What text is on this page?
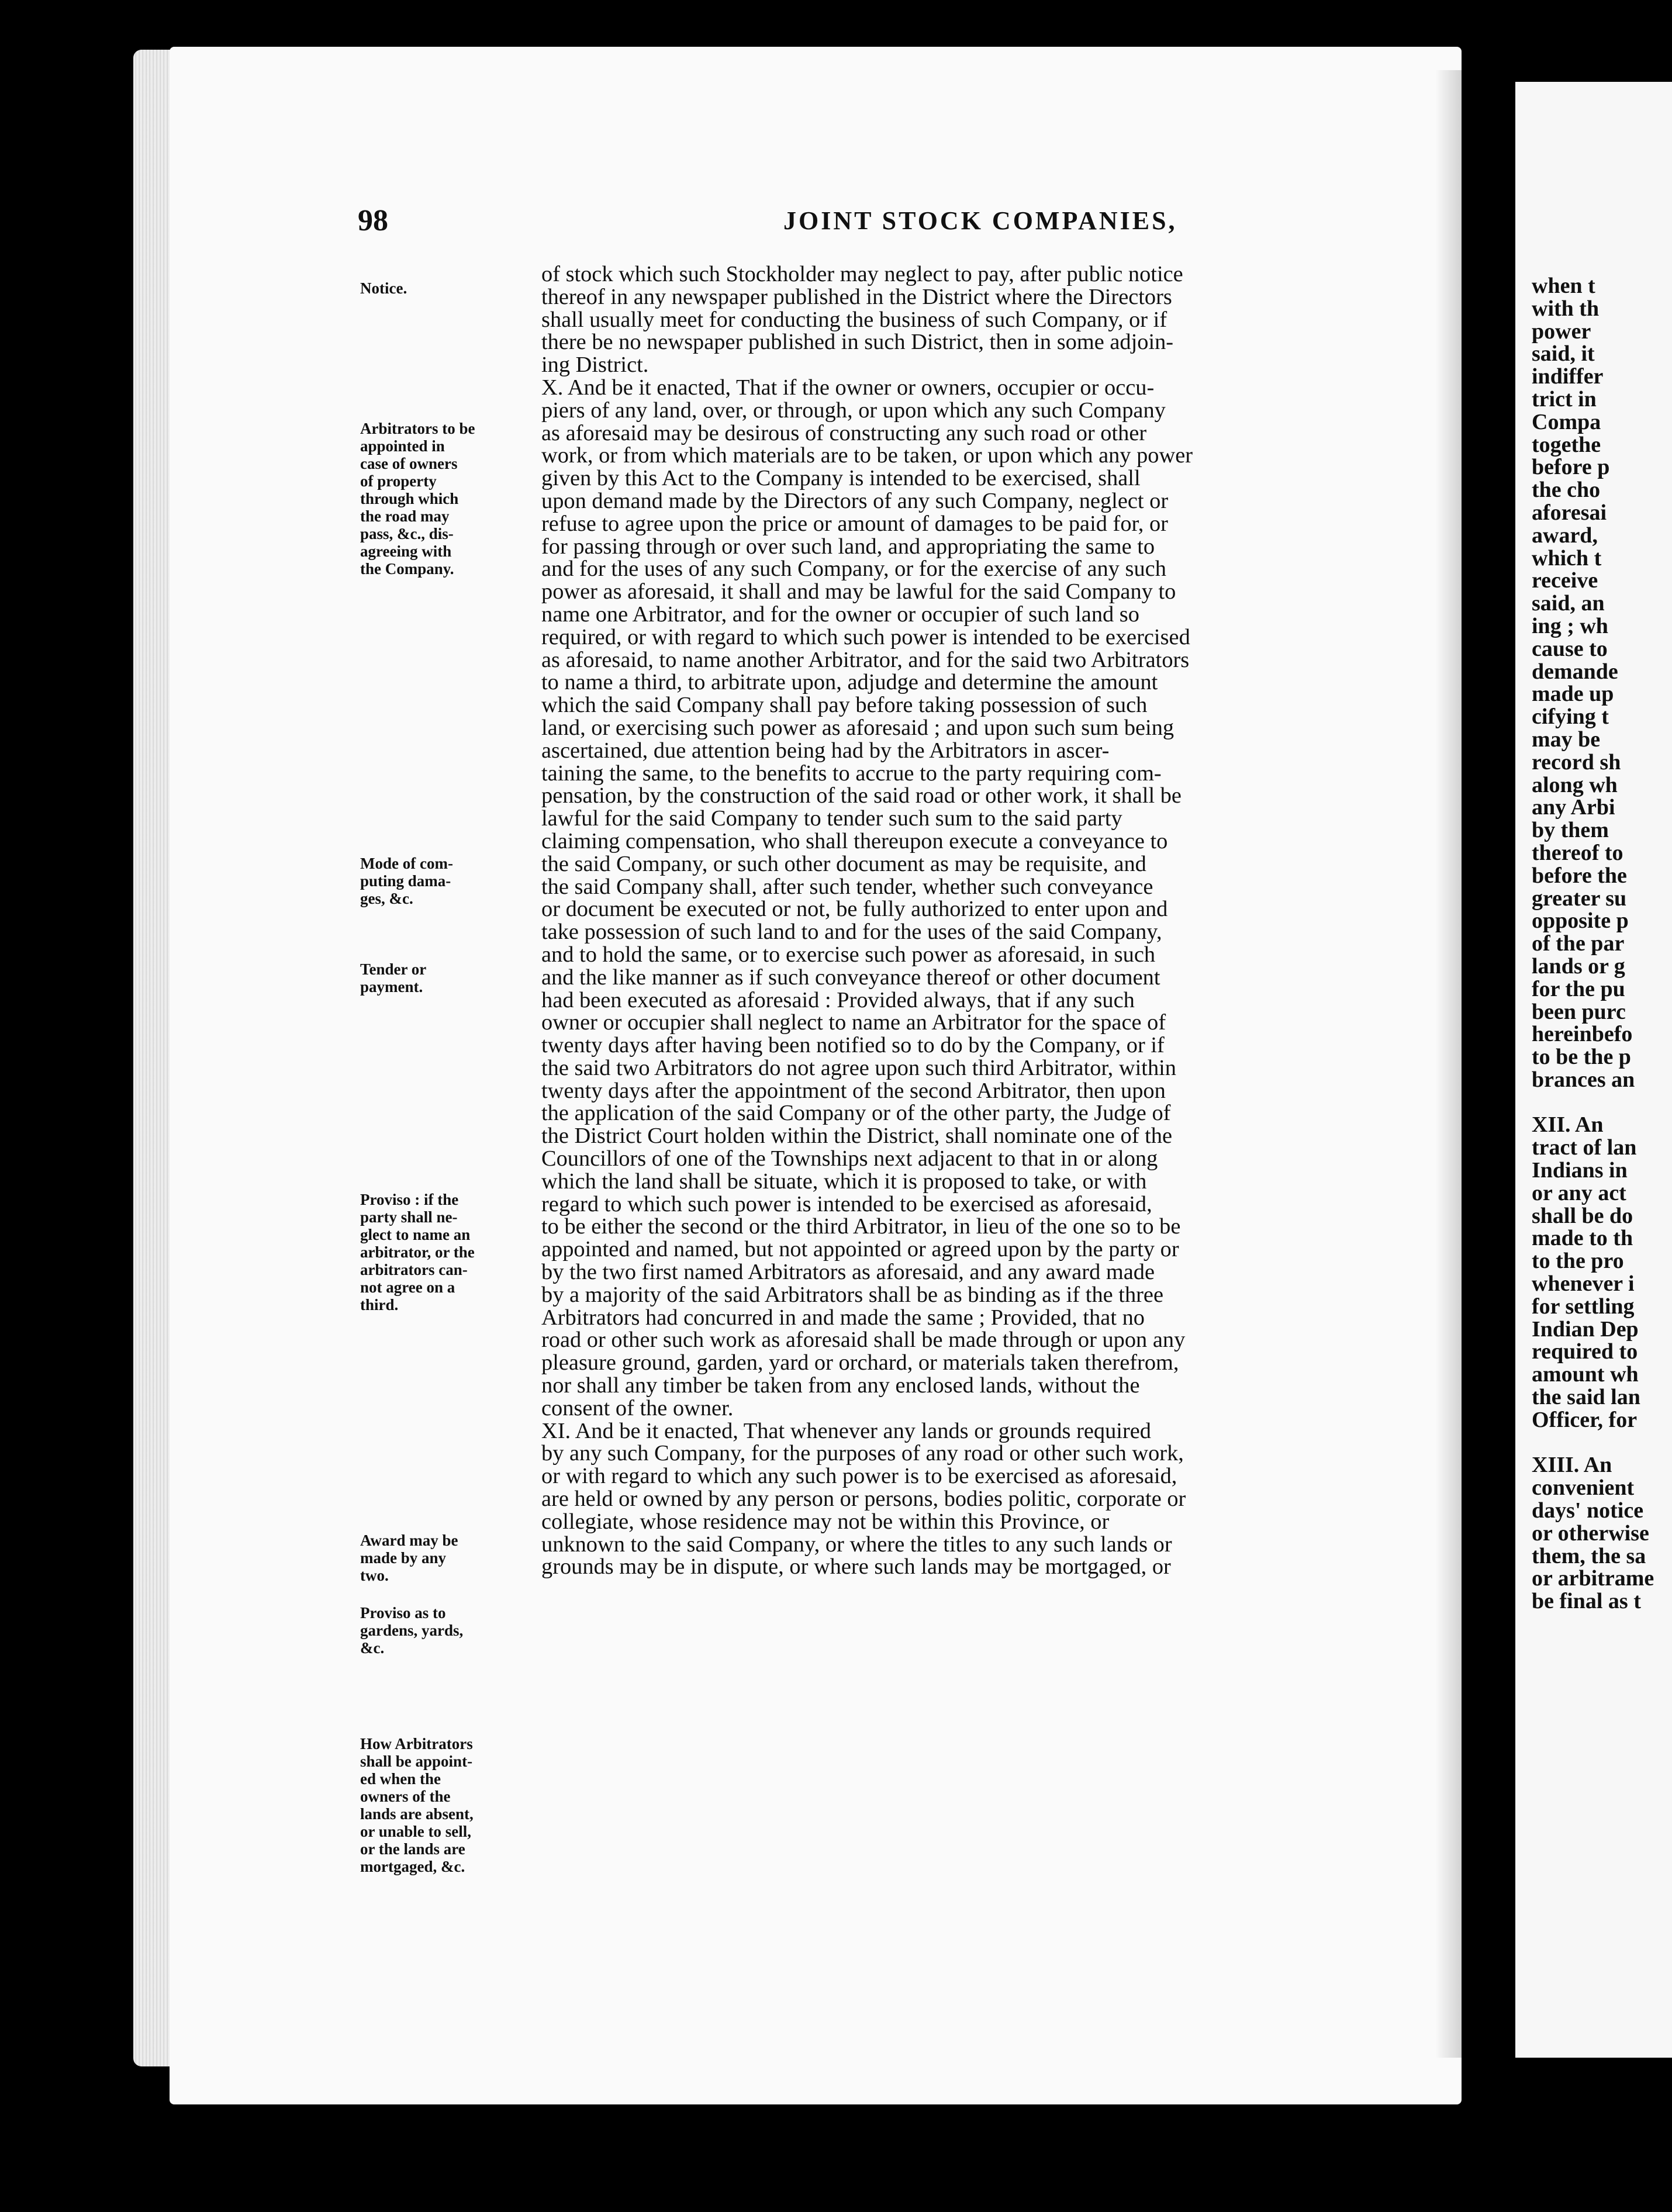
98	JOINT STOCK COMPANIES,

Notice.

Arbitrators to be
appointed in
case of owners
of property
through which
the road may
pass, &c., dis-
agreeing with
the Company.

Mode of com-
puting dama-
ges, &c.

Tender or
payment.

Proviso : if the
party shall ne-
glect to name an
arbitrator, or the
arbitrators can-
not agree on a
third.

Award may be
made by any
two.

Proviso as to
gardens, yards,
&c.

How Arbitrators
shall be appoint-
ed when the
owners of the
lands are absent,
or unable to sell,
or the lands are
mortgaged, &c.

of stock which such Stockholder may neglect to pay, after public notice
thereof in any newspaper published in the District where the Directors
shall usually meet for conducting the business of such Company, or if
there be no newspaper published in such District, then in some adjoin-
ing District.
X. And be it enacted, That if the owner or owners, occupier or occu-
piers of any land, over, or through, or upon which any such Company
as aforesaid may be desirous of constructing any such road or other
work, or from which materials are to be taken, or upon which any power
given by this Act to the Company is intended to be exercised, shall
upon demand made by the Directors of any such Company, neglect or
refuse to agree upon the price or amount of damages to be paid for, or
for passing through or over such land, and appropriating the same to
and for the uses of any such Company, or for the exercise of any such
power as aforesaid, it shall and may be lawful for the said Company to
name one Arbitrator, and for the owner or occupier of such land so
required, or with regard to which such power is intended to be exercised
as aforesaid, to name another Arbitrator, and for the said two Arbitrators
to name a third, to arbitrate upon, adjudge and determine the amount
which the said Company shall pay before taking possession of such
land, or exercising such power as aforesaid ; and upon such sum being
ascertained, due attention being had by the Arbitrators in ascer-
taining the same, to the benefits to accrue to the party requiring com-
pensation, by the construction of the said road or other work, it shall be
lawful for the said Company to tender such sum to the said party
claiming compensation, who shall thereupon execute a conveyance to
the said Company, or such other document as may be requisite, and
the said Company shall, after such tender, whether such conveyance
or document be executed or not, be fully authorized to enter upon and
take possession of such land to and for the uses of the said Company,
and to hold the same, or to exercise such power as aforesaid, in such
and the like manner as if such conveyance thereof or other document
had been executed as aforesaid : Provided always, that if any such
owner or occupier shall neglect to name an Arbitrator for the space of
twenty days after having been notified so to do by the Company, or if
the said two Arbitrators do not agree upon such third Arbitrator, within
twenty days after the appointment of the second Arbitrator, then upon
the application of the said Company or of the other party, the Judge of
the District Court holden within the District, shall nominate one of the
Councillors of one of the Townships next adjacent to that in or along
which the land shall be situate, which it is proposed to take, or with
regard to which such power is intended to be exercised as aforesaid,
to be either the second or the third Arbitrator, in lieu of the one so to be
appointed and named, but not appointed or agreed upon by the party or
by the two first named Arbitrators as aforesaid, and any award made
by a majority of the said Arbitrators shall be as binding as if the three
Arbitrators had concurred in and made the same ; Provided, that no
road or other such work as aforesaid shall be made through or upon any
pleasure ground, garden, yard or orchard, or materials taken therefrom,
nor shall any timber be taken from any enclosed lands, without the
consent of the owner.
XI. And be it enacted, That whenever any lands or grounds required
by any such Company, for the purposes of any road or other such work,
or with regard to which any such power is to be exercised as aforesaid,
are held or owned by any person or persons, bodies politic, corporate or
collegiate, whose residence may not be within this Province, or
unknown to the said Company, or where the titles to any such lands or
grounds may be in dispute, or where such lands may be mortgaged, or

when t
with th
power
said, it
indiffer
trict in
Compa
togethe
before p
the cho
aforesai
award,
which t
receive
said, an
ing ; wh
cause to
demande
made up
cifying t
may be
record sh
along wh
any Arbi
by them
thereof to
before the
greater su
opposite p
of the par
lands or g
for the pu
been purc
hereinbefo
to be the p
brances an

XII. An
tract of lan
Indians in
or any act
shall be do
made to th
to the pro
whenever i
for settling
Indian Dep
required to
amount wh
the said lan
Officer, for

XIII. An
convenient
days' notice
or otherwise
them, the sa
or arbitrame
be final as t
